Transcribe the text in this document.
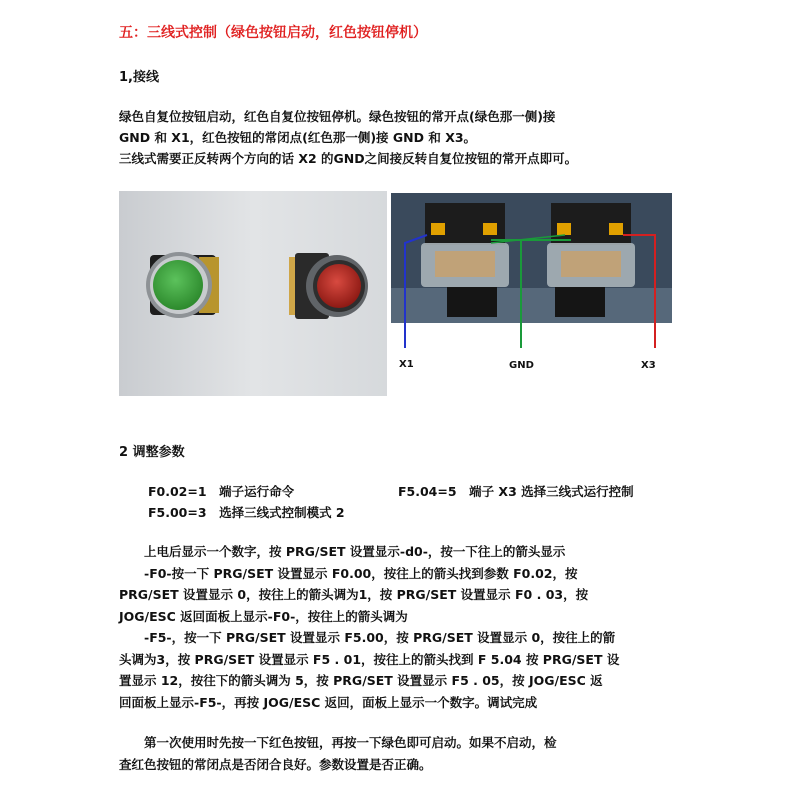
五：三线式控制（绿色按钮启动，红色按钮停机）
1,接线
绿色自复位按钮启动，红色自复位按钮停机。绿色按钮的常开点(绿色那一侧)接
GND 和 X1，红色按钮的常闭点(红色那一侧)接 GND 和 X3。
三线式需要正反转两个方向的话 X2 的GND之间接反转自复位按钮的常开点即可。
X1	GND	X3
2 调整参数
F0.02=1　 端子运行命令	F5.04=5　 端子 X3 选择三线式运行控制
F5.00=3　 选择三线式控制模式 2
　　上电后显示一个数字，按 PRG/SET 设置显示-d0-，按一下往上的箭头显示
　　-F0-按一下 PRG/SET 设置显示 F0.00，按往上的箭头找到参数 F0.02，按
PRG/SET 设置显示 0，按往上的箭头调为1，按 PRG/SET 设置显示 F0 . 03，按
JOG/ESC 返回面板上显示-F0-，按往上的箭头调为
　　-F5-，按一下 PRG/SET 设置显示 F5.00，按 PRG/SET 设置显示 0，按往上的箭
头调为3，按 PRG/SET 设置显示 F5 . 01，按往上的箭头找到 F 5.04 按 PRG/SET 设
置显示 12，按往下的箭头调为 5，按 PRG/SET 设置显示 F5 . 05，按 JOG/ESC 返
回面板上显示-F5-，再按 JOG/ESC 返回，面板上显示一个数字。调试完成
　　第一次使用时先按一下红色按钮，再按一下绿色即可启动。如果不启动，检
查红色按钮的常闭点是否闭合良好。参数设置是否正确。
